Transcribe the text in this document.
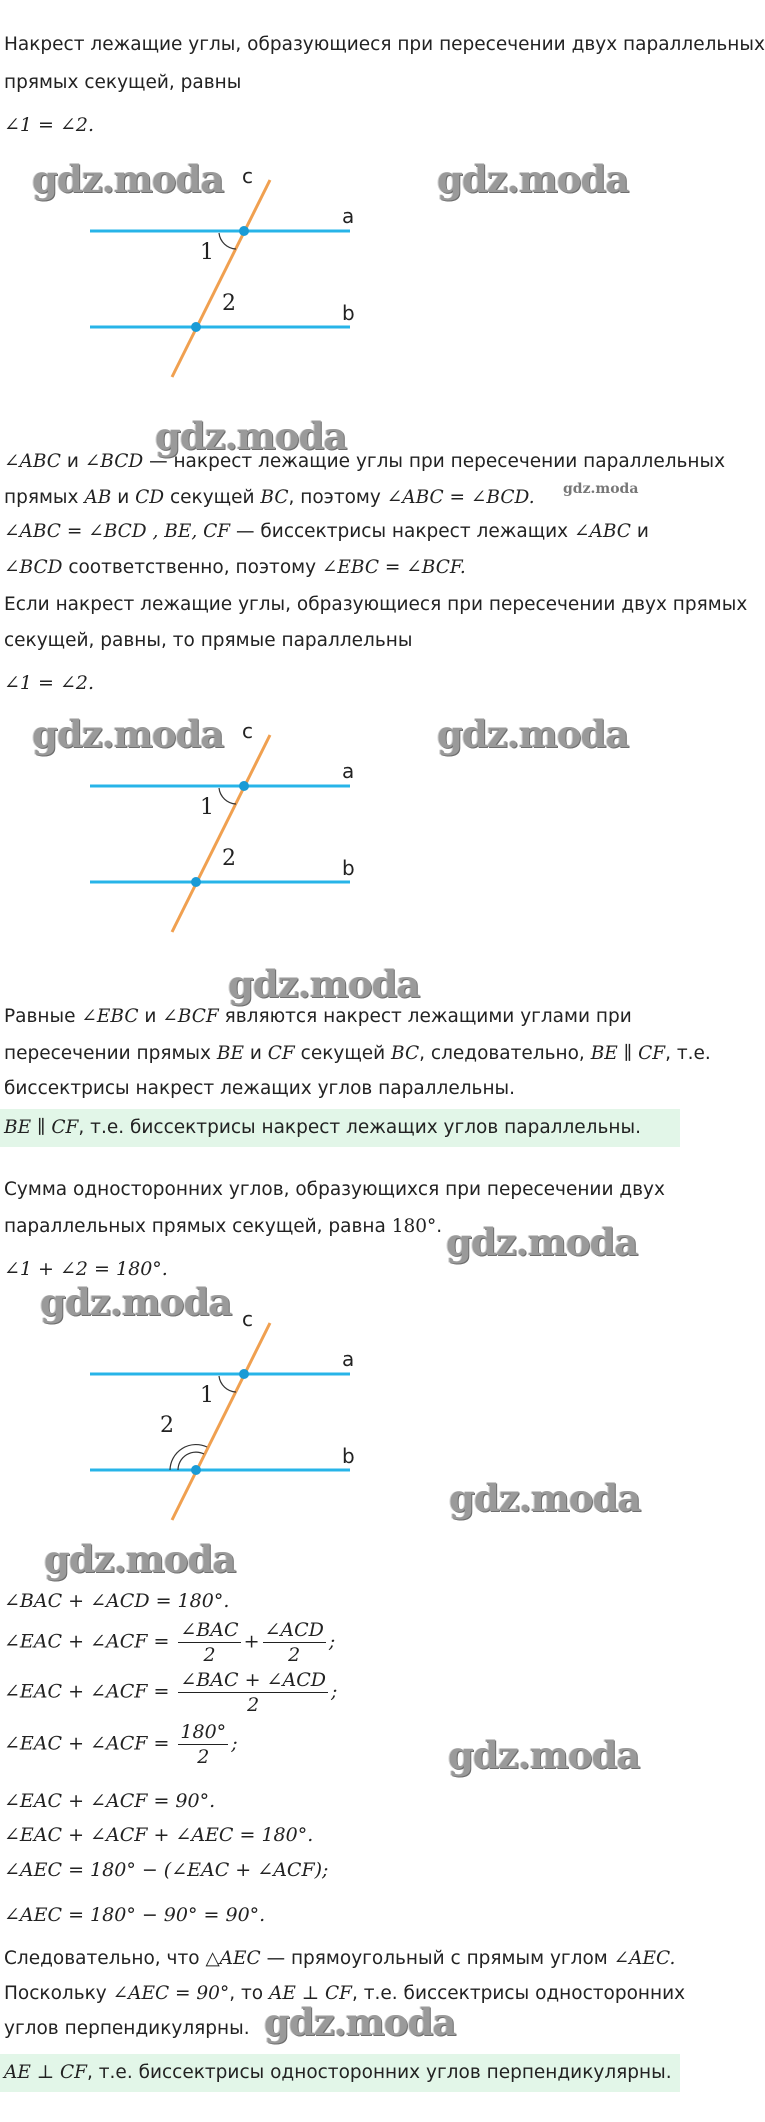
Накрест лежащие углы, образующиеся при пересечении двух параллельных
прямых секущей, равны
∠1 = ∠2.
c
a
b
1
2
gdz.moda	gdz.moda
gdz.moda
∠ABC и ∠BCD — накрест лежащие углы при пересечении параллельных
прямых AB и CD секущей BC, поэтому ∠ABC = ∠BCD.	gdz.moda
∠ABC = ∠BCD , BE, CF — биссектрисы накрест лежащих ∠ABC и
∠BCD соответственно, поэтому ∠EBC = ∠BCF.
Если накрест лежащие углы, образующиеся при пересечении двух прямых
секущей, равны, то прямые параллельны
∠1 = ∠2.
c
a
b
1
2
gdz.moda	gdz.moda
gdz.moda
Равные ∠EBC и ∠BCF являются накрест лежащими углами при
пересечении прямых BE и CF секущей BC, следовательно, BE ∥ CF, т.е.
биссектрисы накрест лежащих углов параллельны.
BE ∥ CF, т.е. биссектрисы накрест лежащих углов параллельны.
Сумма односторонних углов, образующихся при пересечении двух
параллельных прямых секущей, равна 180°. gdz.moda
∠1 + ∠2 = 180°.
c
a
b
1
2
gdz.moda
gdz.moda
gdz.moda
∠BAC + ∠ACD = 180°.
∠EAC + ∠ACF = $\frac{\text{∠BAC}}{2} + \frac{\text{∠ACD}}{2}$ ;
∠EAC + ∠ACF = $\frac{\text{∠BAC + ∠ACD}}{2}$ ;
∠EAC + ∠ACF = $\frac{180^\circ}{2}$ ;	gdz.moda
∠EAC + ∠ACF = 90°.
∠EAC + ∠ACF + ∠AEC = 180°.
∠AEC = 180° − (∠EAC + ∠ACF);
∠AEC = 180° − 90° = 90°.
Следовательно, что △AEC — прямоугольный с прямым углом ∠AEC.
Поскольку ∠AEC = 90°, то AE ⊥ CF, т.е. биссектрисы односторонних
углов перпендикулярны. gdz.moda
AE ⊥ CF, т.е. биссектрисы односторонних углов перпендикулярны.
